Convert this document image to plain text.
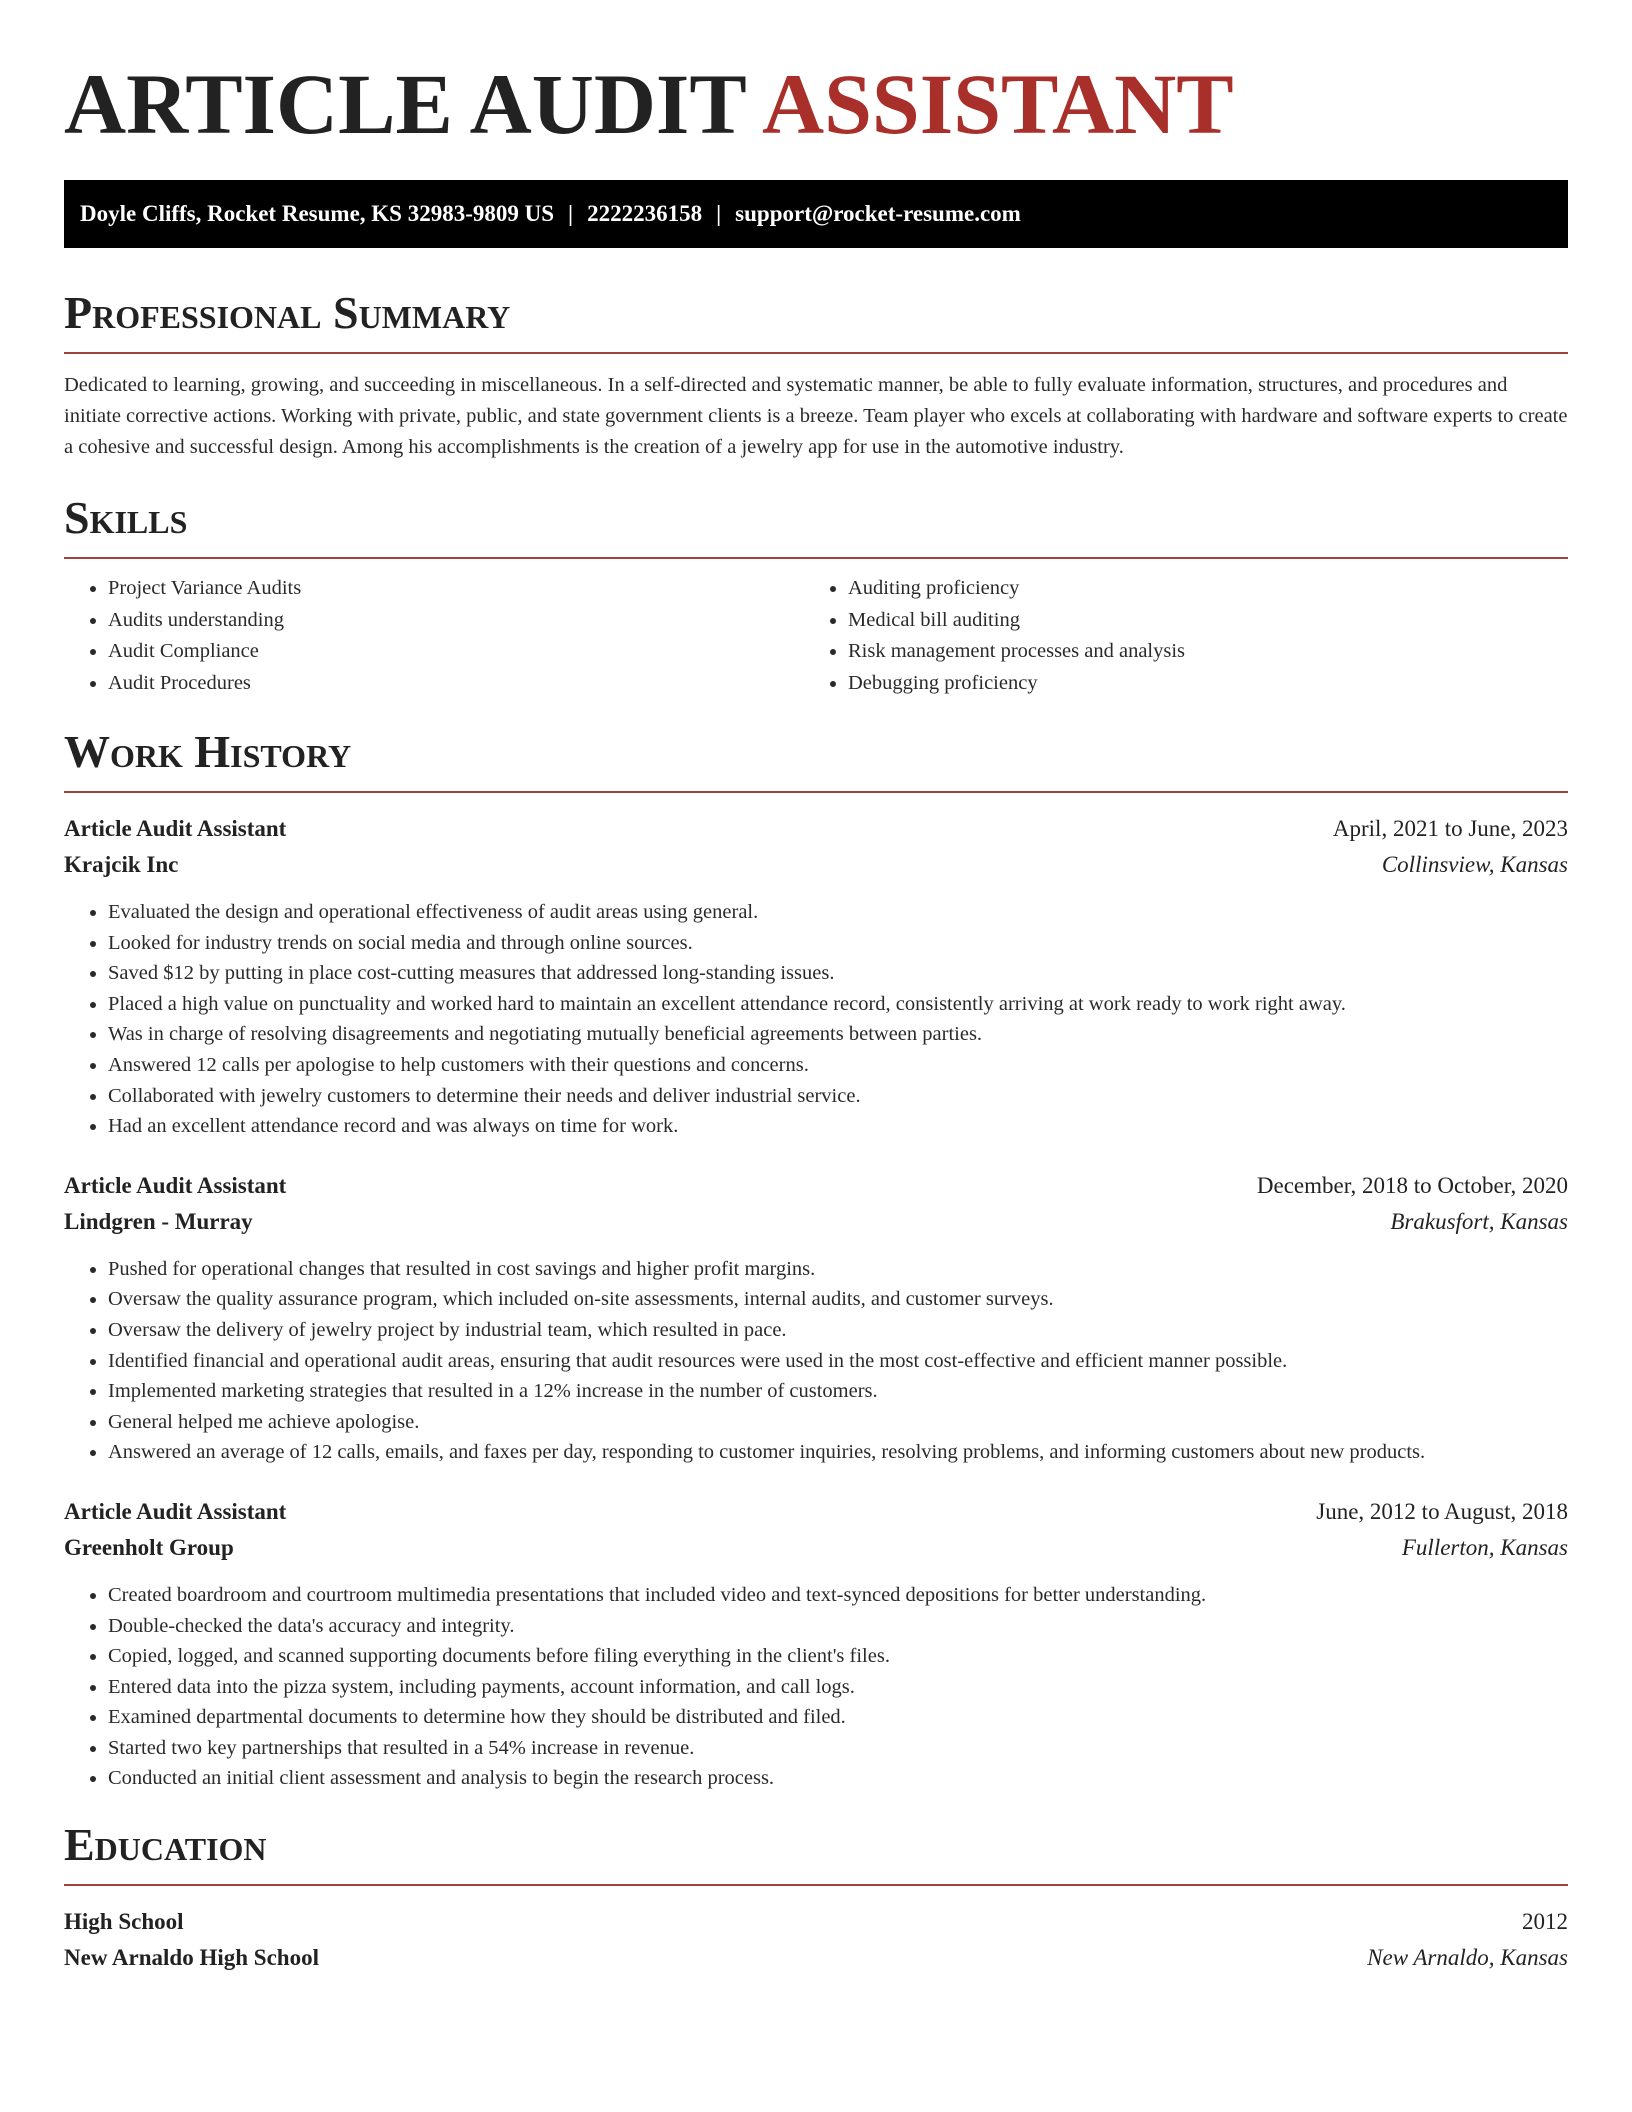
ARTICLE AUDIT ASSISTANT
Doyle Cliffs, Rocket Resume, KS 32983-9809 US | 2222236158 | support@rocket-resume.com
Professional Summary

Dedicated to learning, growing, and succeeding in miscellaneous. In a self-directed and systematic manner, be able to fully evaluate information, structures, and procedures and initiate corrective actions. Working with private, public, and state government clients is a breeze. Team player who excels at collaborating with hardware and software experts to create a cohesive and successful design. Among his accomplishments is the creation of a jewelry app for use in the automotive industry.

Skills
• Project Variance Audits
• Audits understanding
• Audit Compliance
• Audit Procedures
• Auditing proficiency
• Medical bill auditing
• Risk management processes and analysis
• Debugging proficiency
Work History
Article Audit Assistant	April, 2021 to June, 2023
Krajcik Inc	Collinsview, Kansas
• Evaluated the design and operational effectiveness of audit areas using general.
• Looked for industry trends on social media and through online sources.
• Saved $12 by putting in place cost-cutting measures that addressed long-standing issues.
• Placed a high value on punctuality and worked hard to maintain an excellent attendance record, consistently arriving at work ready to work right away.
• Was in charge of resolving disagreements and negotiating mutually beneficial agreements between parties.
• Answered 12 calls per apologise to help customers with their questions and concerns.
• Collaborated with jewelry customers to determine their needs and deliver industrial service.
• Had an excellent attendance record and was always on time for work.
Article Audit Assistant	December, 2018 to October, 2020
Lindgren - Murray	Brakusfort, Kansas
• Pushed for operational changes that resulted in cost savings and higher profit margins.
• Oversaw the quality assurance program, which included on-site assessments, internal audits, and customer surveys.
• Oversaw the delivery of jewelry project by industrial team, which resulted in pace.
• Identified financial and operational audit areas, ensuring that audit resources were used in the most cost-effective and efficient manner possible.
• Implemented marketing strategies that resulted in a 12% increase in the number of customers.
• General helped me achieve apologise.
• Answered an average of 12 calls, emails, and faxes per day, responding to customer inquiries, resolving problems, and informing customers about new products.
Article Audit Assistant	June, 2012 to August, 2018
Greenholt Group	Fullerton, Kansas
• Created boardroom and courtroom multimedia presentations that included video and text-synced depositions for better understanding.
• Double-checked the data's accuracy and integrity.
• Copied, logged, and scanned supporting documents before filing everything in the client's files.
• Entered data into the pizza system, including payments, account information, and call logs.
• Examined departmental documents to determine how they should be distributed and filed.
• Started two key partnerships that resulted in a 54% increase in revenue.
• Conducted an initial client assessment and analysis to begin the research process.
Education
High School	2012
New Arnaldo High School	New Arnaldo, Kansas
